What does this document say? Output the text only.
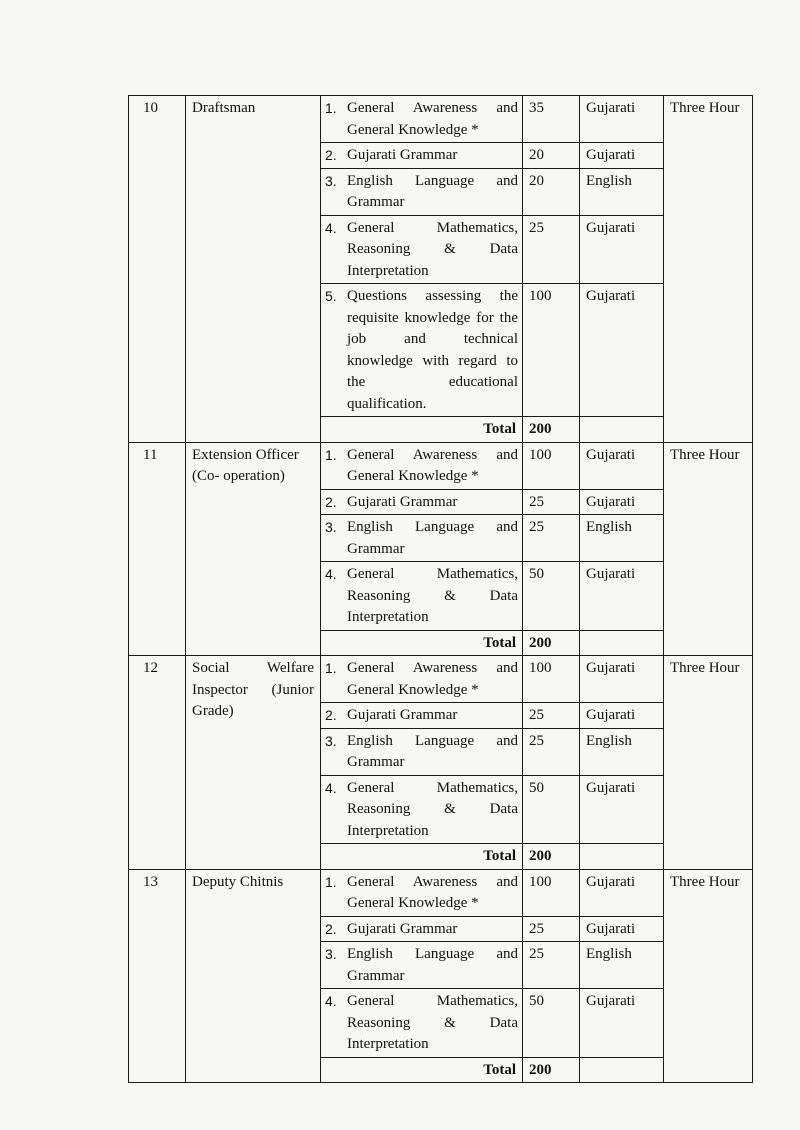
10	Draftsman	1. General Awareness and General Knowledge *	35	Gujarati	Three Hour

		2. Gujarati Grammar	20	Gujarati	

		3. English Language and Grammar	20	English	

		4. General Mathematics, Reasoning & Data Interpretation	25	Gujarati	

		5. Questions assessing the requisite knowledge for the job and technical knowledge with regard to the educational qualification.	100	Gujarati	
		Total	200		
11	Extension Officer (Co- operation)	1. General Awareness and General Knowledge *	100	Gujarati	Three Hour

		2. Gujarati Grammar	25	Gujarati	

		3. English Language and Grammar	25	English	

		4. General Mathematics, Reasoning & Data Interpretation	50	Gujarati	
		Total	200		
12	Social Welfare Inspector (Junior Grade)	1. General Awareness and General Knowledge *	100	Gujarati	Three Hour

		2. Gujarati Grammar	25	Gujarati	

		3. English Language and Grammar	25	English	

		4. General Mathematics, Reasoning & Data Interpretation	50	Gujarati	
		Total	200		
13	Deputy Chitnis	1. General Awareness and General Knowledge *	100	Gujarati	Three Hour

		2. Gujarati Grammar	25	Gujarati	

		3. English Language and Grammar	25	English	

		4. General Mathematics, Reasoning & Data Interpretation	50	Gujarati	
		Total	200		
